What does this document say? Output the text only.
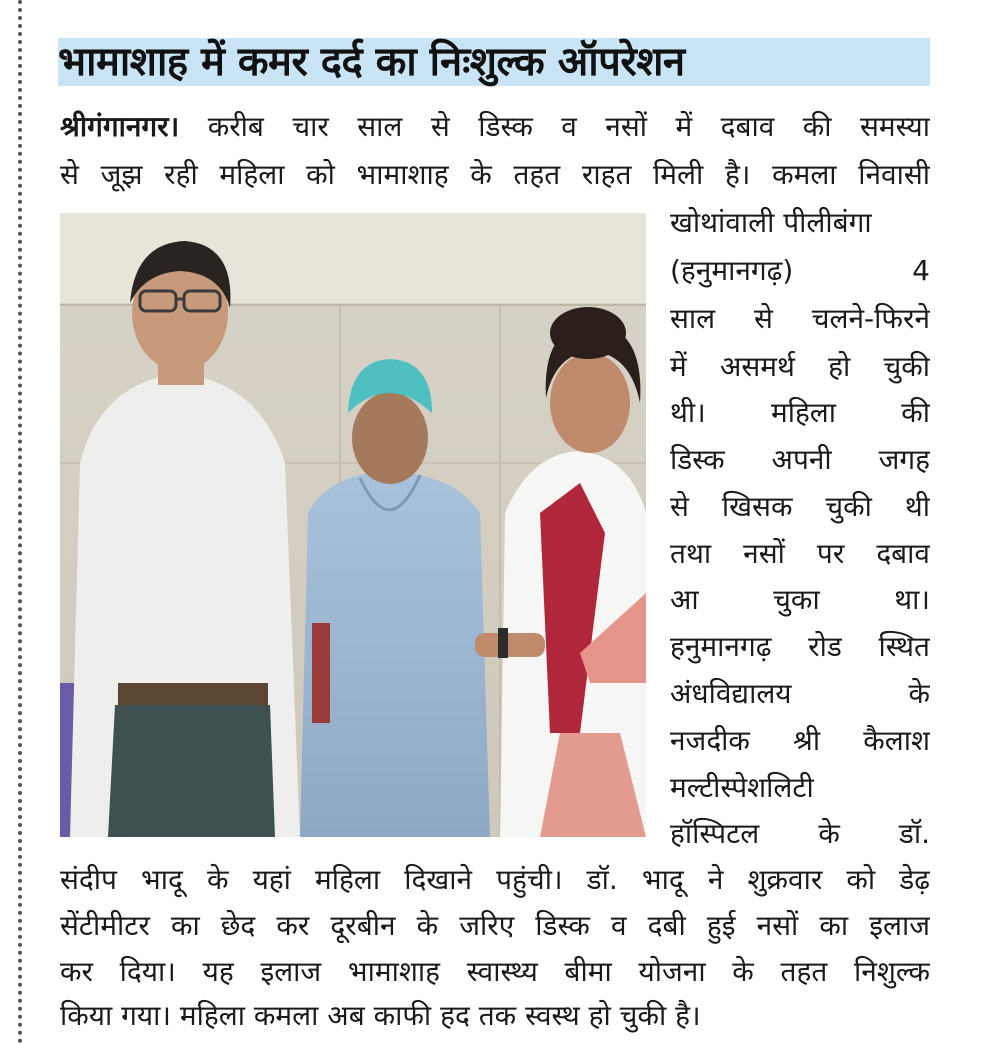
भामाशाह में कमर दर्द का निःशुल्क ऑपरेशन
श्रीगंगानगर। करीब चार साल से डिस्क व नसों में दबाव की समस्या
से जूझ रही महिला को भामाशाह के तहत राहत मिली है। कमला निवासी
खोथांवाली पीलीबंगा
(हनुमानगढ़) 4
साल से चलने-फिरने
में असमर्थ हो चुकी
थी। महिला की
डिस्क अपनी जगह
से खिसक चुकी थी
तथा नसों पर दबाव
आ चुका था।
हनुमानगढ़ रोड स्थित
अंधविद्यालय के
नजदीक श्री कैलाश
मल्टीस्पेशलिटी
हॉस्पिटल के डॉ.
संदीप भादू के यहां महिला दिखाने पहुंची। डॉ. भादू ने शुक्रवार को डेढ़
सेंटीमीटर का छेद कर दूरबीन के जरिए डिस्क व दबी हुई नसों का इलाज
कर दिया। यह इलाज भामाशाह स्वास्थ्य बीमा योजना के तहत निशुल्क
किया गया। महिला कमला अब काफी हद तक स्वस्थ हो चुकी है।
